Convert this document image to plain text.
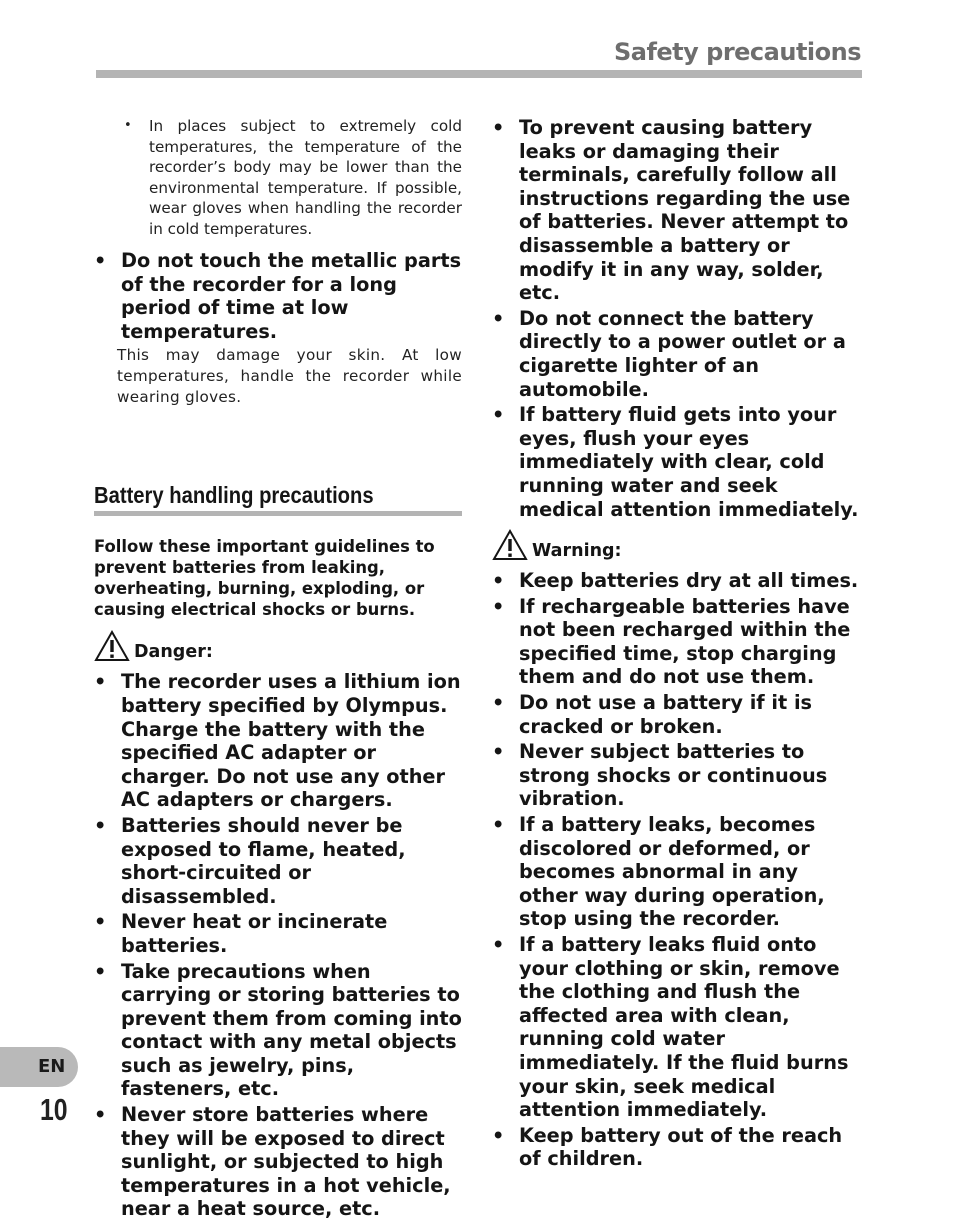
Safety precautions
• In places subject to extremely cold temperatures, the temperature of the recorder’s body may be lower than the environmental temperature. If possible, wear gloves when handling the recorder in cold temperatures.
• Do not touch the metallic parts of the recorder for a long period of time at low temperatures.
This may damage your skin. At low temperatures, handle the recorder while wearing gloves.
Battery handling precautions
Follow these important guidelines to prevent batteries from leaking, overheating, burning, exploding, or causing electrical shocks or burns.
Danger:
• The recorder uses a lithium ion battery specified by Olympus. Charge the battery with the specified AC adapter or charger. Do not use any other AC adapters or chargers.
• Batteries should never be exposed to flame, heated, short-circuited or disassembled.
• Never heat or incinerate batteries.
• Take precautions when carrying or storing batteries to prevent them from coming into contact with any metal objects such as jewelry, pins, fasteners, etc.
• Never store batteries where they will be exposed to direct sunlight, or subjected to high temperatures in a hot vehicle, near a heat source, etc.
• To prevent causing battery leaks or damaging their terminals, carefully follow all instructions regarding the use of batteries. Never attempt to disassemble a battery or modify it in any way, solder, etc.
• Do not connect the battery directly to a power outlet or a cigarette lighter of an automobile.
• If battery fluid gets into your eyes, flush your eyes immediately with clear, cold running water and seek medical attention immediately.
Warning:
• Keep batteries dry at all times.
• If rechargeable batteries have not been recharged within the specified time, stop charging them and do not use them.
• Do not use a battery if it is cracked or broken.
• Never subject batteries to strong shocks or continuous vibration.
• If a battery leaks, becomes discolored or deformed, or becomes abnormal in any other way during operation, stop using the recorder.
• If a battery leaks fluid onto your clothing or skin, remove the clothing and flush the affected area with clean, running cold water immediately. If the fluid burns your skin, seek medical attention immediately.
• Keep battery out of the reach of children.
EN
10
